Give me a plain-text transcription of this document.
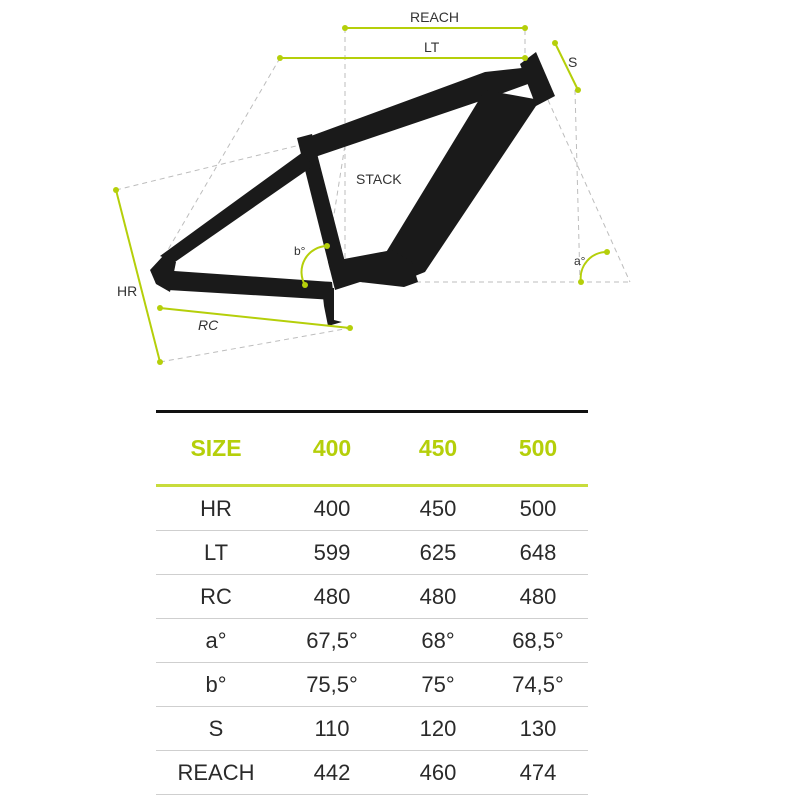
REACH
LT
S
STACK
HR
RC
b°
a°

SIZE	400	450	500
HR	400	450	500
LT	599	625	648
RC	480	480	480
a°	67,5°	68°	68,5°
b°	75,5°	75°	74,5°
S	110	120	130
REACH	442	460	474
